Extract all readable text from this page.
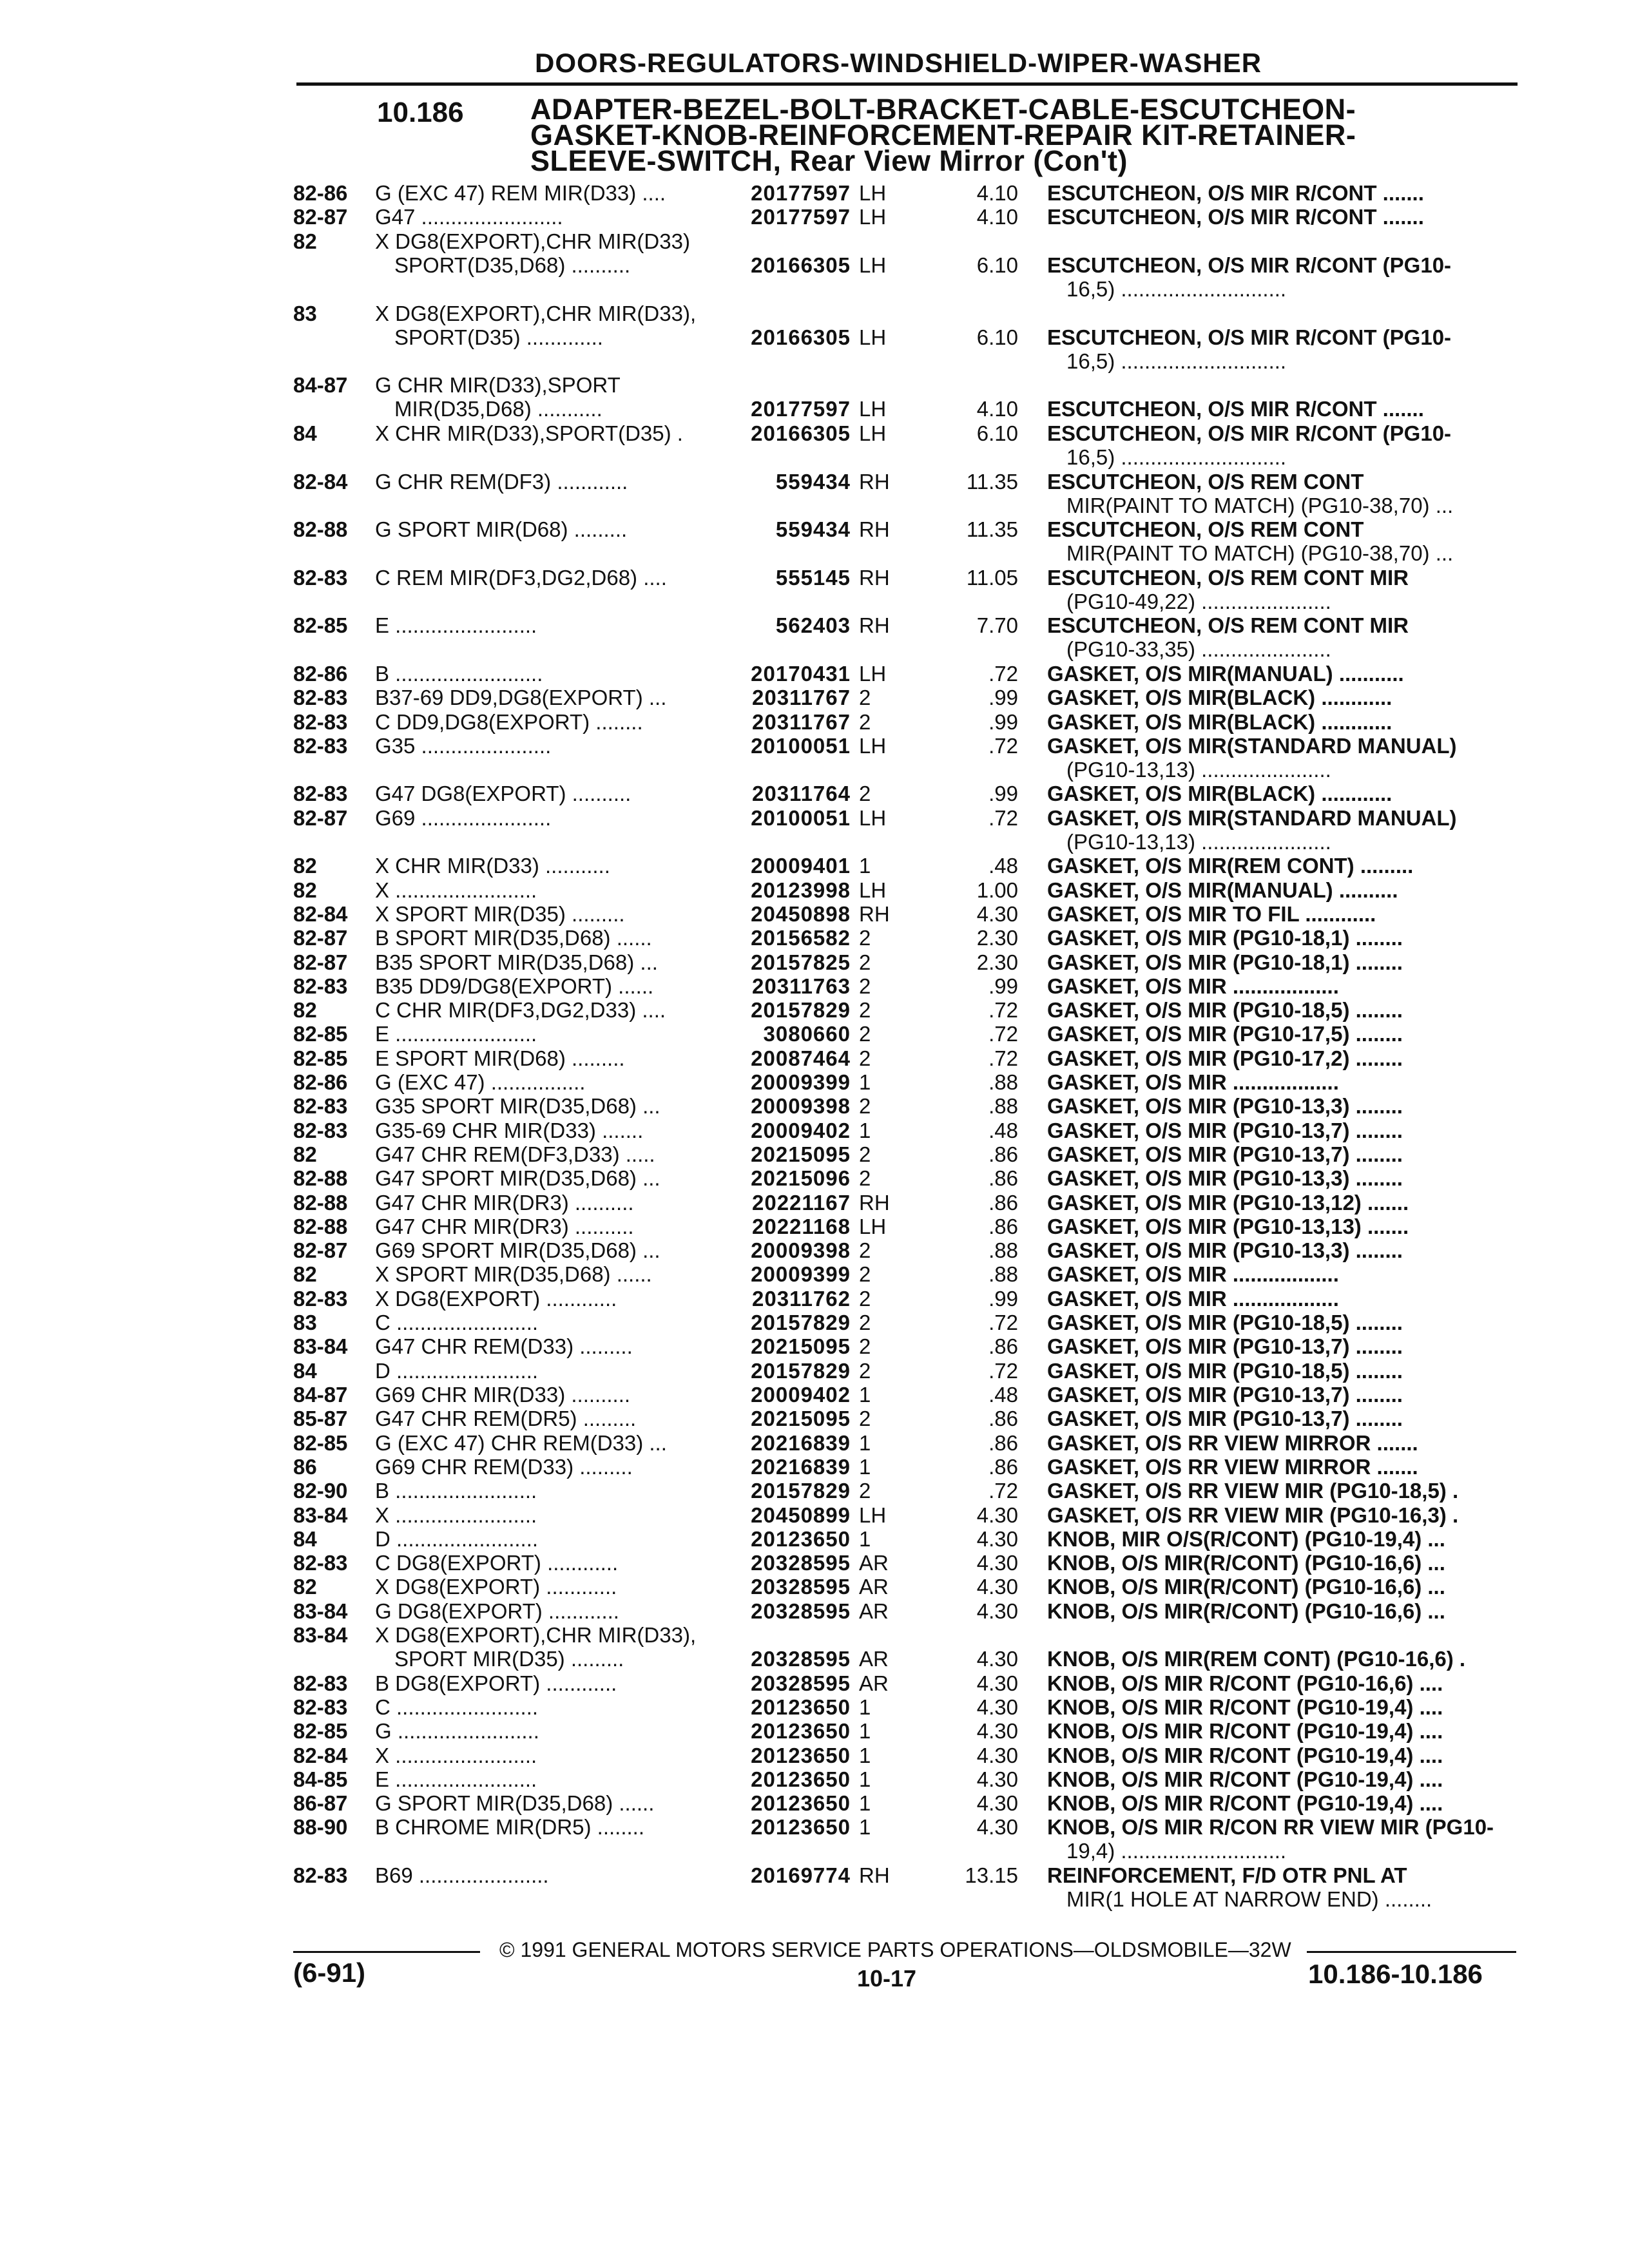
DOORS-REGULATORS-WINDSHIELD-WIPER-WASHER
10.186 ADAPTER-BEZEL-BOLT-BRACKET-CABLE-ESCUTCHEON-
GASKET-KNOB-REINFORCEMENT-REPAIR KIT-RETAINER-
SLEEVE-SWITCH, Rear View Mirror (Con't)
82-86	G (EXC 47) REM MIR(D33) ....	20177597 LH	4.10 ESCUTCHEON, O/S MIR R/CONT .......
82-87	G47 ........................	20177597 LH	4.10 ESCUTCHEON, O/S MIR R/CONT .......
82	X DG8(EXPORT),CHR MIR(D33)
SPORT(D35,D68) ..........	20166305 LH	6.10 ESCUTCHEON, O/S MIR R/CONT (PG10-
16,5) ............................
83	X DG8(EXPORT),CHR MIR(D33),
SPORT(D35) .............	20166305 LH	6.10 ESCUTCHEON, O/S MIR R/CONT (PG10-
16,5) ............................
84-87	G CHR MIR(D33),SPORT
MIR(D35,D68) ...........	20177597 LH	4.10 ESCUTCHEON, O/S MIR R/CONT .......
84	X CHR MIR(D33),SPORT(D35) .	20166305 LH	6.10 ESCUTCHEON, O/S MIR R/CONT (PG10-
16,5) ............................
82-84	G CHR REM(DF3) ............	559434 RH	11.35 ESCUTCHEON, O/S REM CONT
MIR(PAINT TO MATCH) (PG10-38,70) ...
82-88	G SPORT MIR(D68) .........	559434 RH	11.35 ESCUTCHEON, O/S REM CONT
MIR(PAINT TO MATCH) (PG10-38,70) ...
82-83	C REM MIR(DF3,DG2,D68) ....	555145 RH	11.05 ESCUTCHEON, O/S REM CONT MIR
(PG10-49,22) ......................
82-85	E ........................	562403 RH	7.70 ESCUTCHEON, O/S REM CONT MIR
(PG10-33,35) ......................
82-86	B .........................	20170431 LH	.72 GASKET, O/S MIR(MANUAL) ...........
82-83	B37-69 DD9,DG8(EXPORT) ...	20311767 2	.99 GASKET, O/S MIR(BLACK) ............
82-83	C DD9,DG8(EXPORT) ........	20311767 2	.99 GASKET, O/S MIR(BLACK) ............
82-83	G35 ......................	20100051 LH	.72 GASKET, O/S MIR(STANDARD MANUAL)
(PG10-13,13) ......................
82-83	G47 DG8(EXPORT) ..........	20311764 2	.99 GASKET, O/S MIR(BLACK) ............
82-87	G69 ......................	20100051 LH	.72 GASKET, O/S MIR(STANDARD MANUAL)
(PG10-13,13) ......................
82	X CHR MIR(D33) ...........	20009401 1	.48 GASKET, O/S MIR(REM CONT) .........
82	X ........................	20123998 LH	1.00 GASKET, O/S MIR(MANUAL) ..........
82-84	X SPORT MIR(D35) .........	20450898 RH	4.30 GASKET, O/S MIR TO FIL ............
82-87	B SPORT MIR(D35,D68) ......	20156582 2	2.30 GASKET, O/S MIR (PG10-18,1) ........
82-87	B35 SPORT MIR(D35,D68) ...	20157825 2	2.30 GASKET, O/S MIR (PG10-18,1) ........
82-83	B35 DD9/DG8(EXPORT) ......	20311763 2	.99 GASKET, O/S MIR ..................
82	C CHR MIR(DF3,DG2,D33) ....	20157829 2	.72 GASKET, O/S MIR (PG10-18,5) ........
82-85	E ........................	3080660 2	.72 GASKET, O/S MIR (PG10-17,5) ........
82-85	E SPORT MIR(D68) .........	20087464 2	.72 GASKET, O/S MIR (PG10-17,2) ........
82-86	G (EXC 47) ................	20009399 1	.88 GASKET, O/S MIR ..................
82-83	G35 SPORT MIR(D35,D68) ...	20009398 2	.88 GASKET, O/S MIR (PG10-13,3) ........
82-83	G35-69 CHR MIR(D33) .......	20009402 1	.48 GASKET, O/S MIR (PG10-13,7) ........
82	G47 CHR REM(DF3,D33) .....	20215095 2	.86 GASKET, O/S MIR (PG10-13,7) ........
82-88	G47 SPORT MIR(D35,D68) ...	20215096 2	.86 GASKET, O/S MIR (PG10-13,3) ........
82-88	G47 CHR MIR(DR3) ..........	20221167 RH	.86 GASKET, O/S MIR (PG10-13,12) .......
82-88	G47 CHR MIR(DR3) ..........	20221168 LH	.86 GASKET, O/S MIR (PG10-13,13) .......
82-87	G69 SPORT MIR(D35,D68) ...	20009398 2	.88 GASKET, O/S MIR (PG10-13,3) ........
82	X SPORT MIR(D35,D68) ......	20009399 2	.88 GASKET, O/S MIR ..................
82-83	X DG8(EXPORT) ............	20311762 2	.99 GASKET, O/S MIR ..................
83	C ........................	20157829 2	.72 GASKET, O/S MIR (PG10-18,5) ........
83-84	G47 CHR REM(D33) .........	20215095 2	.86 GASKET, O/S MIR (PG10-13,7) ........
84	D ........................	20157829 2	.72 GASKET, O/S MIR (PG10-18,5) ........
84-87	G69 CHR MIR(D33) ..........	20009402 1	.48 GASKET, O/S MIR (PG10-13,7) ........
85-87	G47 CHR REM(DR5) .........	20215095 2	.86 GASKET, O/S MIR (PG10-13,7) ........
82-85	G (EXC 47) CHR REM(D33) ...	20216839 1	.86 GASKET, O/S RR VIEW MIRROR .......
86	G69 CHR REM(D33) .........	20216839 1	.86 GASKET, O/S RR VIEW MIRROR .......
82-90	B ........................	20157829 2	.72 GASKET, O/S RR VIEW MIR (PG10-18,5) .
83-84	X ........................	20450899 LH	4.30 GASKET, O/S RR VIEW MIR (PG10-16,3) .
84	D ........................	20123650 1	4.30 KNOB, MIR O/S(R/CONT) (PG10-19,4) ...
82-83	C DG8(EXPORT) ............	20328595 AR	4.30 KNOB, O/S MIR(R/CONT) (PG10-16,6) ...
82	X DG8(EXPORT) ............	20328595 AR	4.30 KNOB, O/S MIR(R/CONT) (PG10-16,6) ...
83-84	G DG8(EXPORT) ............	20328595 AR	4.30 KNOB, O/S MIR(R/CONT) (PG10-16,6) ...
83-84	X DG8(EXPORT),CHR MIR(D33),
SPORT MIR(D35) .........	20328595 AR	4.30 KNOB, O/S MIR(REM CONT) (PG10-16,6) .
82-83	B DG8(EXPORT) ............	20328595 AR	4.30 KNOB, O/S MIR R/CONT (PG10-16,6) ....
82-83	C ........................	20123650 1	4.30 KNOB, O/S MIR R/CONT (PG10-19,4) ....
82-85	G ........................	20123650 1	4.30 KNOB, O/S MIR R/CONT (PG10-19,4) ....
82-84	X ........................	20123650 1	4.30 KNOB, O/S MIR R/CONT (PG10-19,4) ....
84-85	E ........................	20123650 1	4.30 KNOB, O/S MIR R/CONT (PG10-19,4) ....
86-87	G SPORT MIR(D35,D68) ......	20123650 1	4.30 KNOB, O/S MIR R/CONT (PG10-19,4) ....
88-90	B CHROME MIR(DR5) ........	20123650 1	4.30 KNOB, O/S MIR R/CON RR VIEW MIR (PG10-
19,4) ............................
82-83	B69 ......................	20169774 RH	13.15 REINFORCEMENT, F/D OTR PNL AT
MIR(1 HOLE AT NARROW END) ........
© 1991 GENERAL MOTORS SERVICE PARTS OPERATIONS—OLDSMOBILE—32W
(6-91)	10-17	10.186-10.186
